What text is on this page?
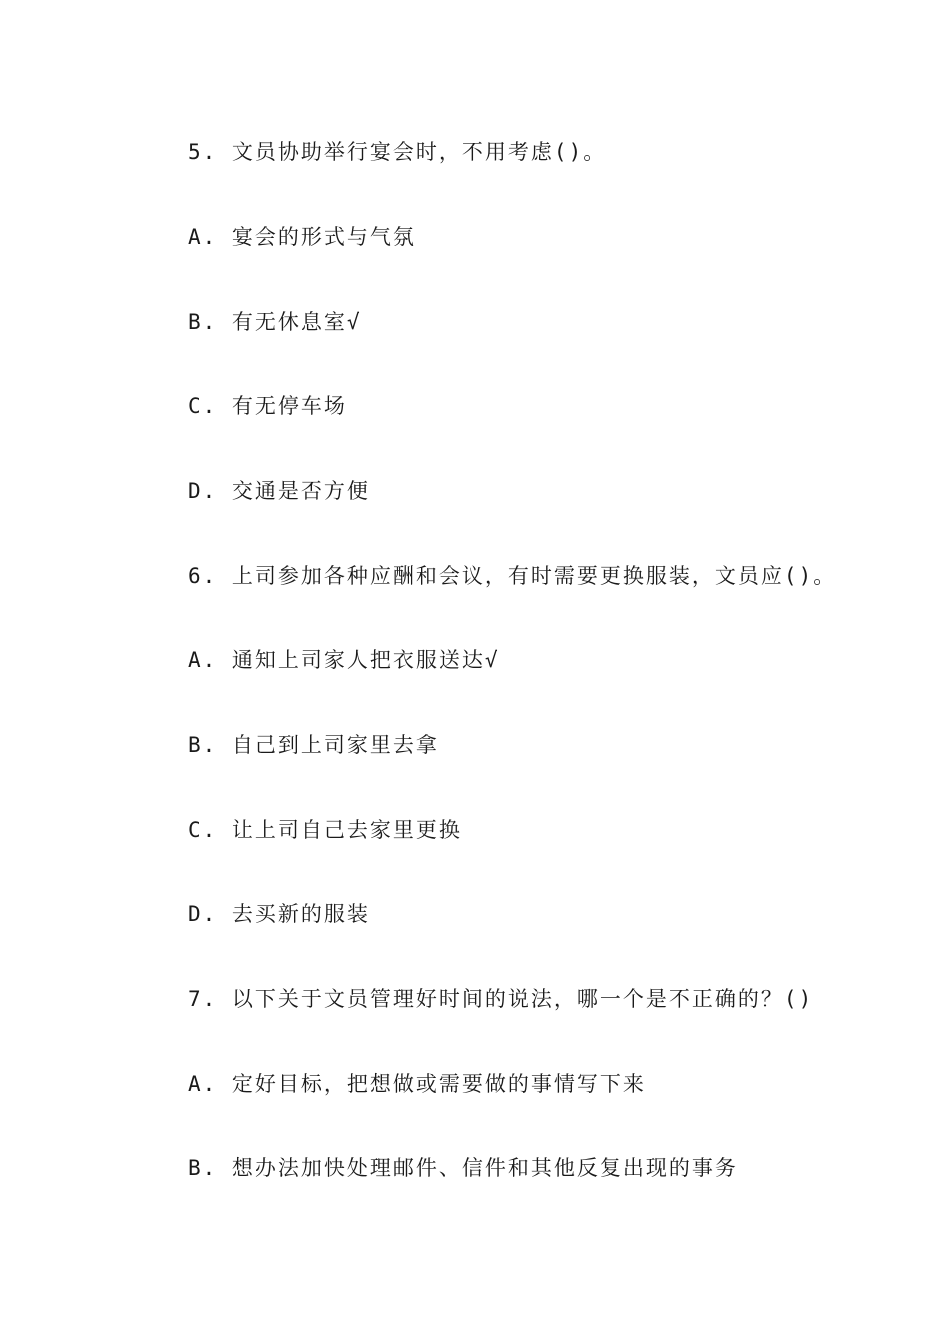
5. 文员协助举行宴会时，不用考虑()。
A. 宴会的形式与气氛
B. 有无休息室√
C. 有无停车场
D. 交通是否方便
6. 上司参加各种应酬和会议，有时需要更换服装，文员应()。
A. 通知上司家人把衣服送达√
B. 自己到上司家里去拿
C. 让上司自己去家里更换
D. 去买新的服装
7. 以下关于文员管理好时间的说法，哪一个是不正确的？()
A. 定好目标，把想做或需要做的事情写下来
B. 想办法加快处理邮件、信件和其他反复出现的事务
